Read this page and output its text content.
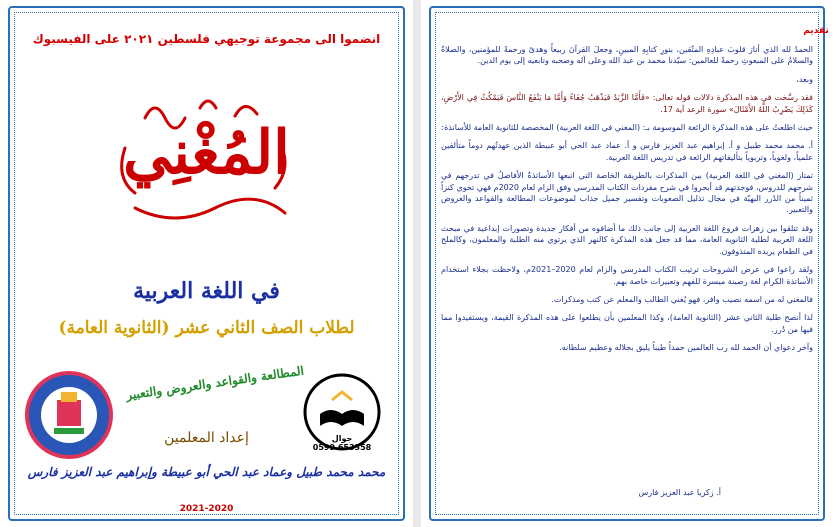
انضموا الى مجموعة توجيهي فلسطين ٢٠٢١ على الفيسبوك
المُغْنِي
في اللغة العربية
لطلاب الصف الثاني عشر (الثانوية العامة)
المطالعة والقواعد والعروض والتعبير
جوال
0599 653358
إعداد المعلمين
محمد محمد طبيل وعماد عبد الحي أبو عبيطة وإبراهيم عبد العزيز فارس
2021-2020
تقديم

الحمدُ لله الذي أنارَ قلوبَ عبادِهِ المتّقين، بنورِ كتابِهِ المبينِ، وجعلَ القرآنَ ربيعاً وهدىً ورحمةً للمؤمنين، والصلاةُ والسلامُ على المبعوثِ رحمةً للعالمين: سيّدنا محمد بن عبد الله وعلى آله وصحبه وتابعيه إلى يوم الدين.

وبعد،

فقد رسَّخت في هذه المذكرة دلالات قوله تعالى: «فَأَمَّا الزَّبَدُ فَيَذْهَبُ جُفَاءً وَأَمَّا مَا يَنْفَعُ النَّاسَ فَيَمْكُثُ فِي الأَرْضِ، كَذَلِكَ يَضْرِبُ اللَّهُ الأَمْثَالَ» سورة الرعد آية 17.

حيث اطلعتُ على هذه المذكرة الرائعة الموسومة بـ: (المغني في اللغة العربية) المخصصة للثانوية العامة للأساتذة:

أ. محمد محمد طبيل و أ. إبراهيم عبد العزيز فارس و أ. عماد عبد الحي أبو عبيطة الذين عهدتُهم دوماً متألقين علمياً، ولغوياً، وتربوياً بتأليفاتهم الرائعة في تدريس اللغة العربية.

تمتاز (المغني في اللغة العربية) بين المذكرات بالطريقة الخاصة التي اتبعها الأساتذةُ الأفاضلُ في تدرجهم في شرحهم للدروس، فوجدتهم قد أبحروا في شرح مفردات الكتاب المدرسي وفق الزام لعام 2020م فهي تحوي كنزاً ثميناً من الدُرر البهيّة في مجال تذليل الصعوبات وتفسير جميل جذاب لموضوعات المطالعة والقواعد والعروض والتعبير.

وقد تتلقوا بين زهرات فروع اللغة العربية إلى جانب ذلك ما أضافوه من أفكار جديدة وتصورات إبداعية في مبحث اللغة العربية لطلبة الثانوية العامة، مما قد جعل هذه المذكرة كالنهر الذي يرتوي منه الطلبة والمعلمون، وكالملح في الطعام يريده المتذوقون.

ولقد راعوا في عرض الشروحات ترتيب الكتاب المدرسي والزام لعام 2020–2021م، ولاحظت بجلاء استخدام الأساتذة الكرام لغة رصينة ميسرة للفهم وتعبيرات خاصة بهم.

فالمغني له من اسمه نصيب وافر، فهو يُغني الطالب والمعلم عن كتب ومذكرات.

لذا أنصح طلبة الثاني عشر (الثانوية العامة)، وكذا المعلمين بأن يطلعوا على هذه المذكرة القيمة، ويستفيدوا مما فيها من دُرر.

وآخر دعواي أن الحمد لله رب العالمين حمداً طيباً يليق بجلاله وعظيم سلطانه.

أ. زكريا عبد العزيز فارس
